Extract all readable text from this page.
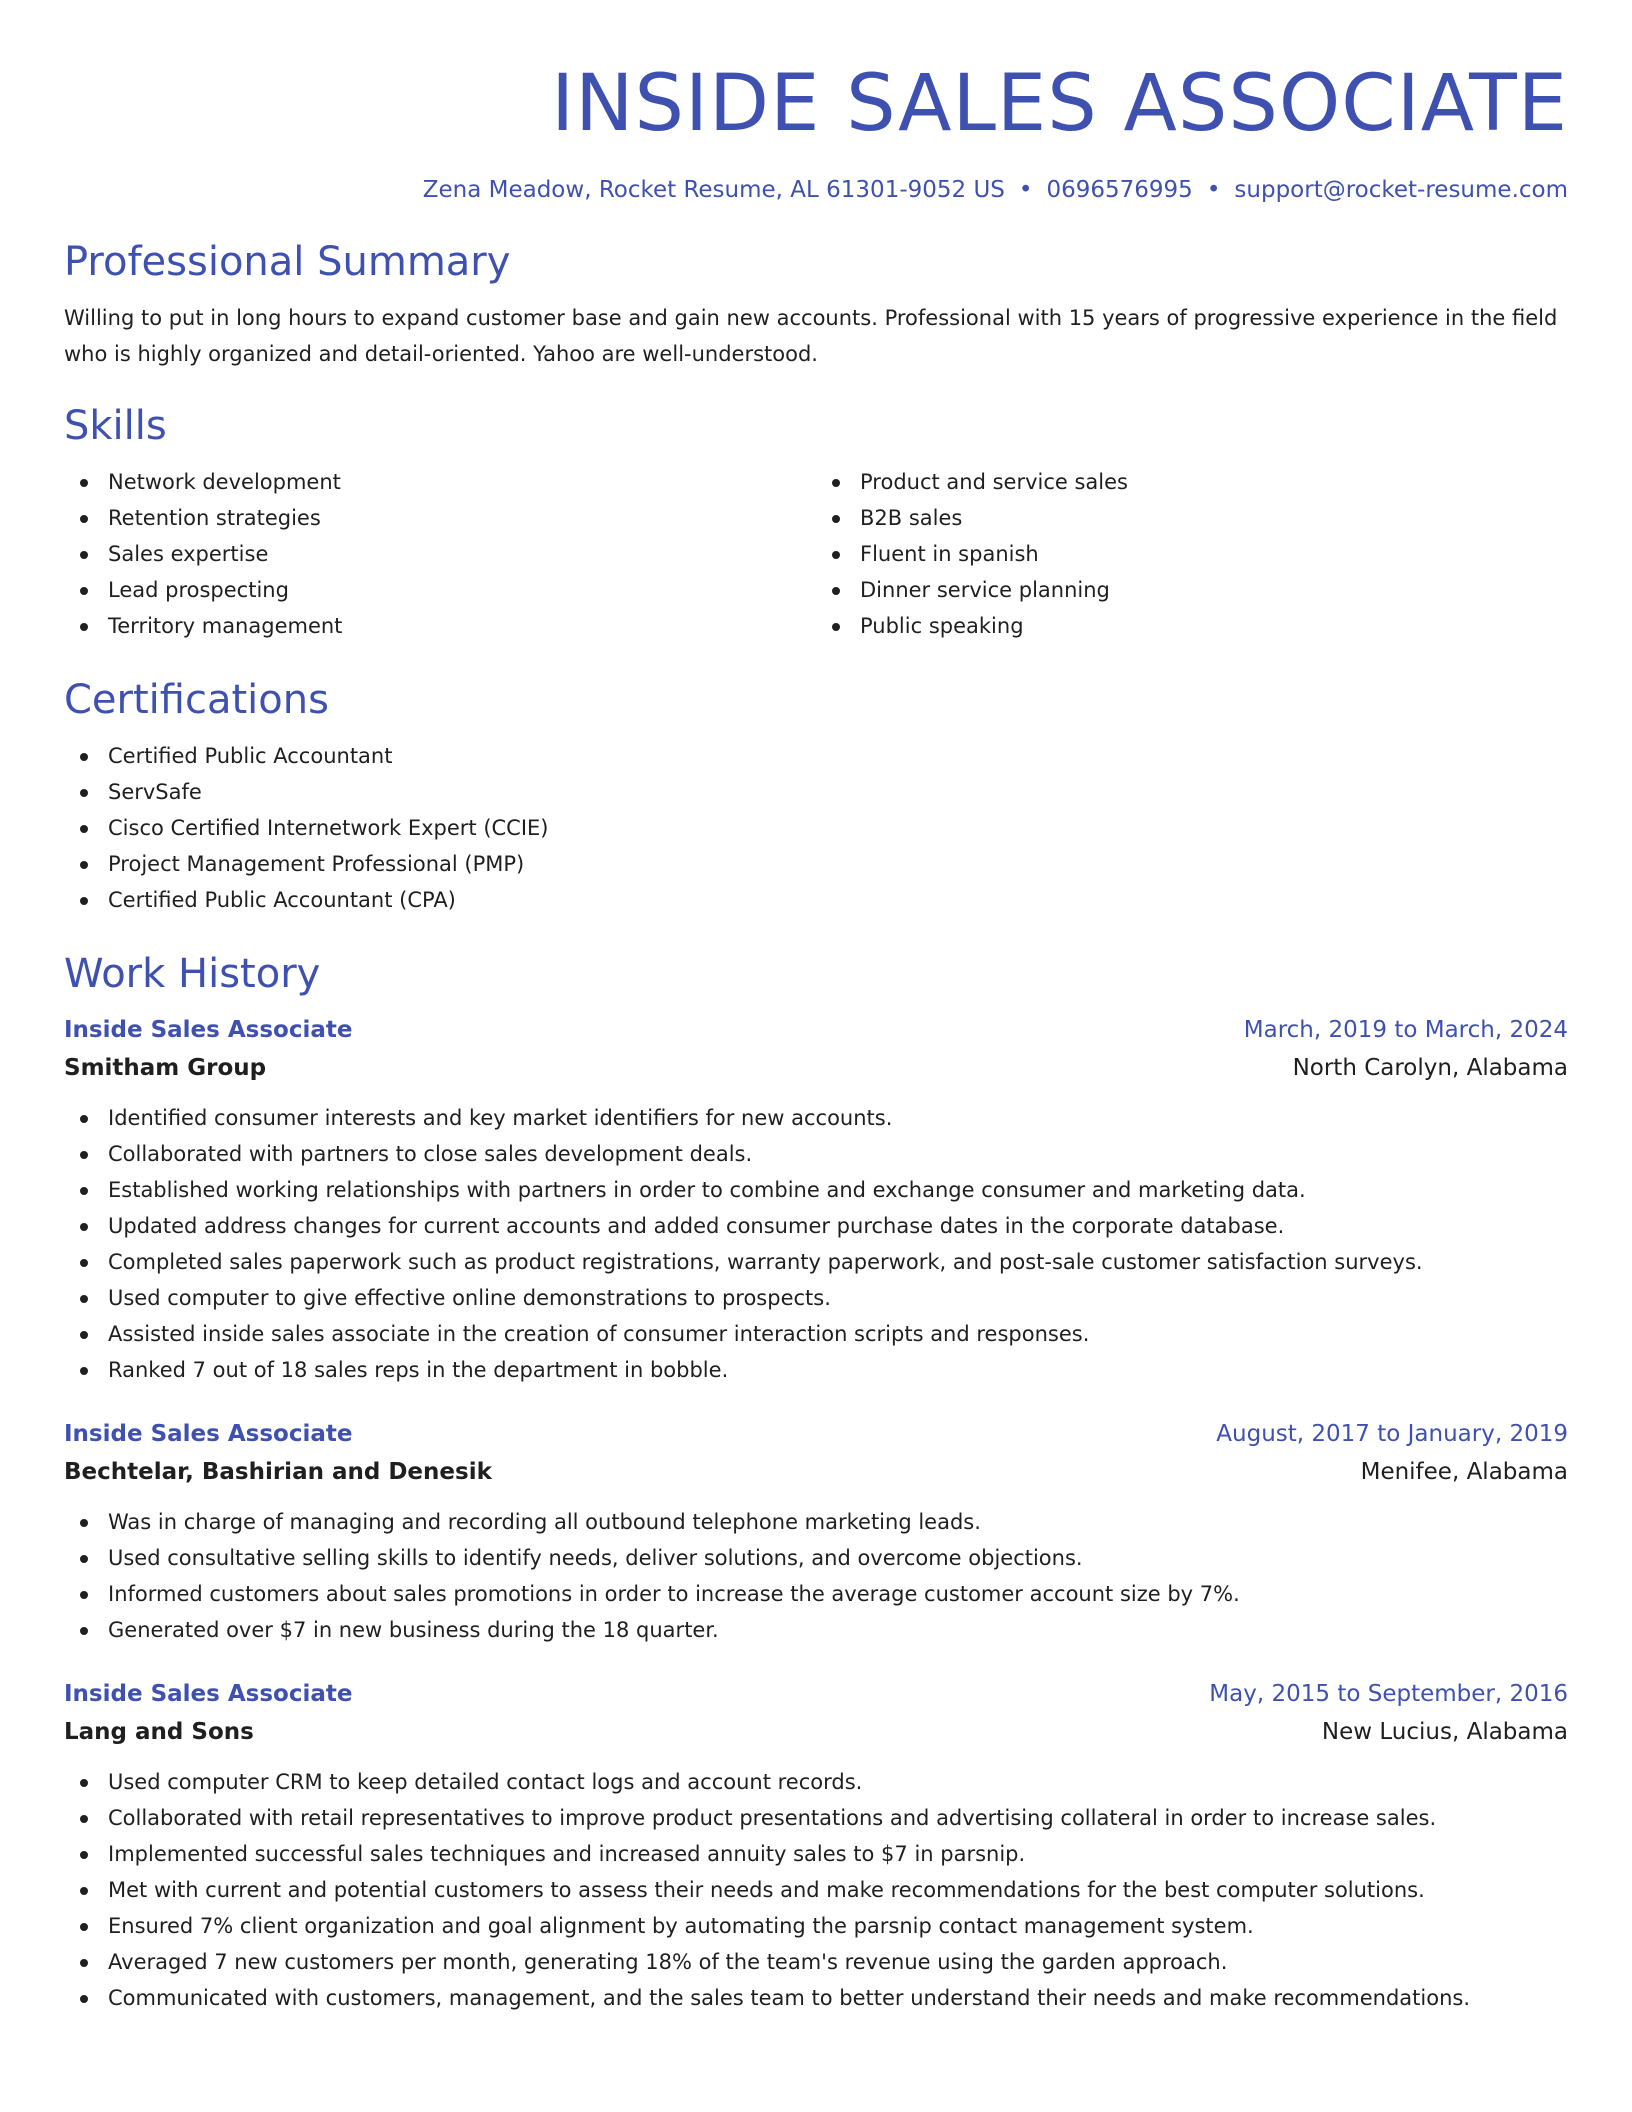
INSIDE SALES ASSOCIATE
Zena Meadow, Rocket Resume, AL 61301-9052 US • 0696576995 • support@rocket-resume.com
Professional Summary
Willing to put in long hours to expand customer base and gain new accounts. Professional with 15 years of progressive experience in the field who is highly organized and detail-oriented. Yahoo are well-understood.
Skills
Network development
Retention strategies
Sales expertise
Lead prospecting
Territory management
Product and service sales
B2B sales
Fluent in spanish
Dinner service planning
Public speaking
Certifications
Certified Public Accountant
ServSafe
Cisco Certified Internetwork Expert (CCIE)
Project Management Professional (PMP)
Certified Public Accountant (CPA)
Work History
Inside Sales Associate	March, 2019 to March, 2024
Smitham Group	North Carolyn, Alabama
Identified consumer interests and key market identifiers for new accounts.
Collaborated with partners to close sales development deals.
Established working relationships with partners in order to combine and exchange consumer and marketing data.
Updated address changes for current accounts and added consumer purchase dates in the corporate database.
Completed sales paperwork such as product registrations, warranty paperwork, and post-sale customer satisfaction surveys.
Used computer to give effective online demonstrations to prospects.
Assisted inside sales associate in the creation of consumer interaction scripts and responses.
Ranked 7 out of 18 sales reps in the department in bobble.
Inside Sales Associate	August, 2017 to January, 2019
Bechtelar, Bashirian and Denesik	Menifee, Alabama
Was in charge of managing and recording all outbound telephone marketing leads.
Used consultative selling skills to identify needs, deliver solutions, and overcome objections.
Informed customers about sales promotions in order to increase the average customer account size by 7%.
Generated over $7 in new business during the 18 quarter.
Inside Sales Associate	May, 2015 to September, 2016
Lang and Sons	New Lucius, Alabama
Used computer CRM to keep detailed contact logs and account records.
Collaborated with retail representatives to improve product presentations and advertising collateral in order to increase sales.
Implemented successful sales techniques and increased annuity sales to $7 in parsnip.
Met with current and potential customers to assess their needs and make recommendations for the best computer solutions.
Ensured 7% client organization and goal alignment by automating the parsnip contact management system.
Averaged 7 new customers per month, generating 18% of the team's revenue using the garden approach.
Communicated with customers, management, and the sales team to better understand their needs and make recommendations.
